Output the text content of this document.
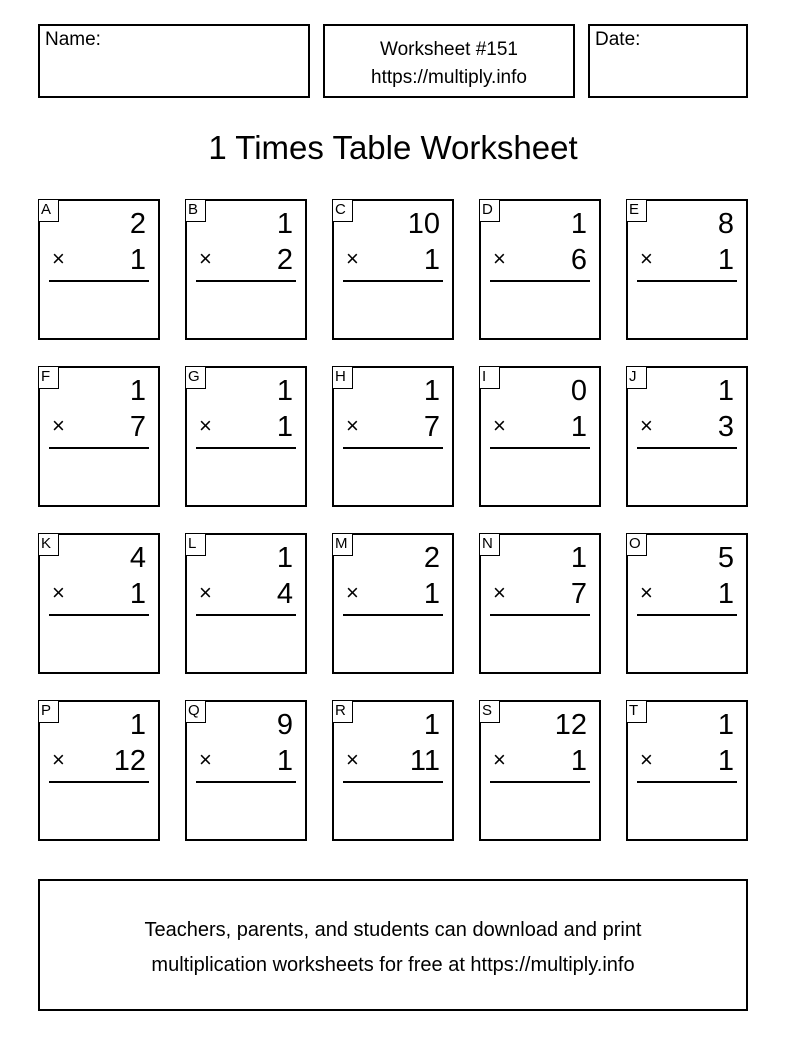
Name:	Worksheet #151
https://multiply.info
Date:
1 Times Table Worksheet
A	2
× 1
B	1
× 2
C 10
× 1
D	1
× 6
E	8
× 1
F	1
× 7
G	1
× 1
H	1
× 7
I	0
× 1
J	1
× 3
K	4
× 1
L	1
× 4
M	2
× 1
N	1
× 7
O	5
× 1
P	1
× 12
Q	9
× 1
R	1
× 11
S 12
× 1
T	1
× 1
Teachers, parents, and students can download and print
multiplication worksheets for free at https://multiply.info
